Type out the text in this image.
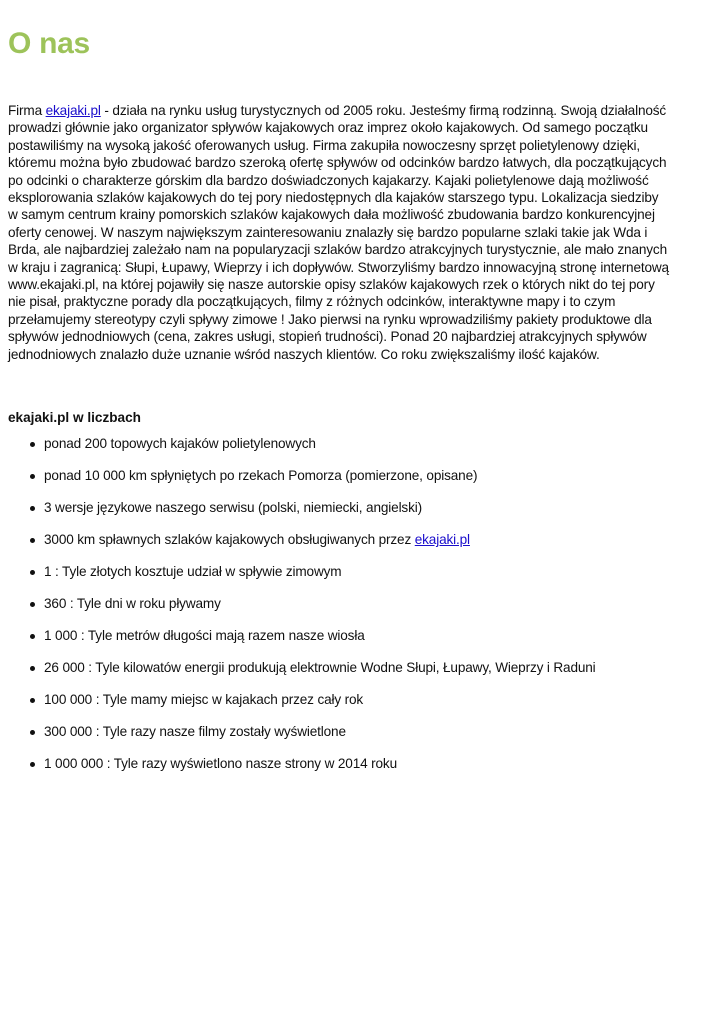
O nas

Firma ekajaki.pl - działa na rynku usług turystycznych od 2005 roku. Jesteśmy firmą rodzinną. Swoją działalność prowadzi głównie jako organizator spływów kajakowych oraz imprez około kajakowych. Od samego początku postawiliśmy na wysoką jakość oferowanych usług. Firma zakupiła nowoczesny sprzęt polietylenowy dzięki, któremu można było zbudować bardzo szeroką ofertę spływów od odcinków bardzo łatwych, dla początkujących po odcinki o charakterze górskim dla bardzo doświadczonych kajakarzy. Kajaki polietylenowe dają możliwość eksplorowania szlaków kajakowych do tej pory niedostępnych dla kajaków starszego typu. Lokalizacja siedziby w samym centrum krainy pomorskich szlaków kajakowych dała możliwość zbudowania bardzo konkurencyjnej oferty cenowej. W naszym największym zainteresowaniu znalazły się bardzo popularne szlaki takie jak Wda i Brda, ale najbardziej zależało nam na popularyzacji szlaków bardzo atrakcyjnych turystycznie, ale mało znanych w kraju i zagranicą: Słupi, Łupawy, Wieprzy i ich dopływów. Stworzyliśmy bardzo innowacyjną stronę internetową www.ekajaki.pl, na której pojawiły się nasze autorskie opisy szlaków kajakowych rzek o których nikt do tej pory nie pisał, praktyczne porady dla początkujących, filmy z różnych odcinków, interaktywne mapy i to czym przełamujemy stereotypy czyli spływy zimowe ! Jako pierwsi na rynku wprowadziliśmy pakiety produktowe dla spływów jednodniowych (cena, zakres usługi, stopień trudności). Ponad 20 najbardziej atrakcyjnych spływów jednodniowych znalazło duże uznanie wśród naszych klientów. Co roku zwiększaliśmy ilość kajaków.

ekajaki.pl w liczbach

ponad 200 topowych kajaków polietylenowych
ponad 10 000 km spłyniętych po rzekach Pomorza (pomierzone, opisane)
3 wersje językowe naszego serwisu (polski, niemiecki, angielski)
3000 km spławnych szlaków kajakowych obsługiwanych przez ekajaki.pl
1 : Tyle złotych kosztuje udział w spływie zimowym
360 : Tyle dni w roku pływamy
1 000 : Tyle metrów długości mają razem nasze wiosła
26 000 : Tyle kilowatów energii produkują elektrownie Wodne Słupi, Łupawy, Wieprzy i Raduni
100 000 : Tyle mamy miejsc w kajakach przez cały rok
300 000 : Tyle razy nasze filmy zostały wyświetlone
1 000 000 : Tyle razy wyświetlono nasze strony w 2014 roku
